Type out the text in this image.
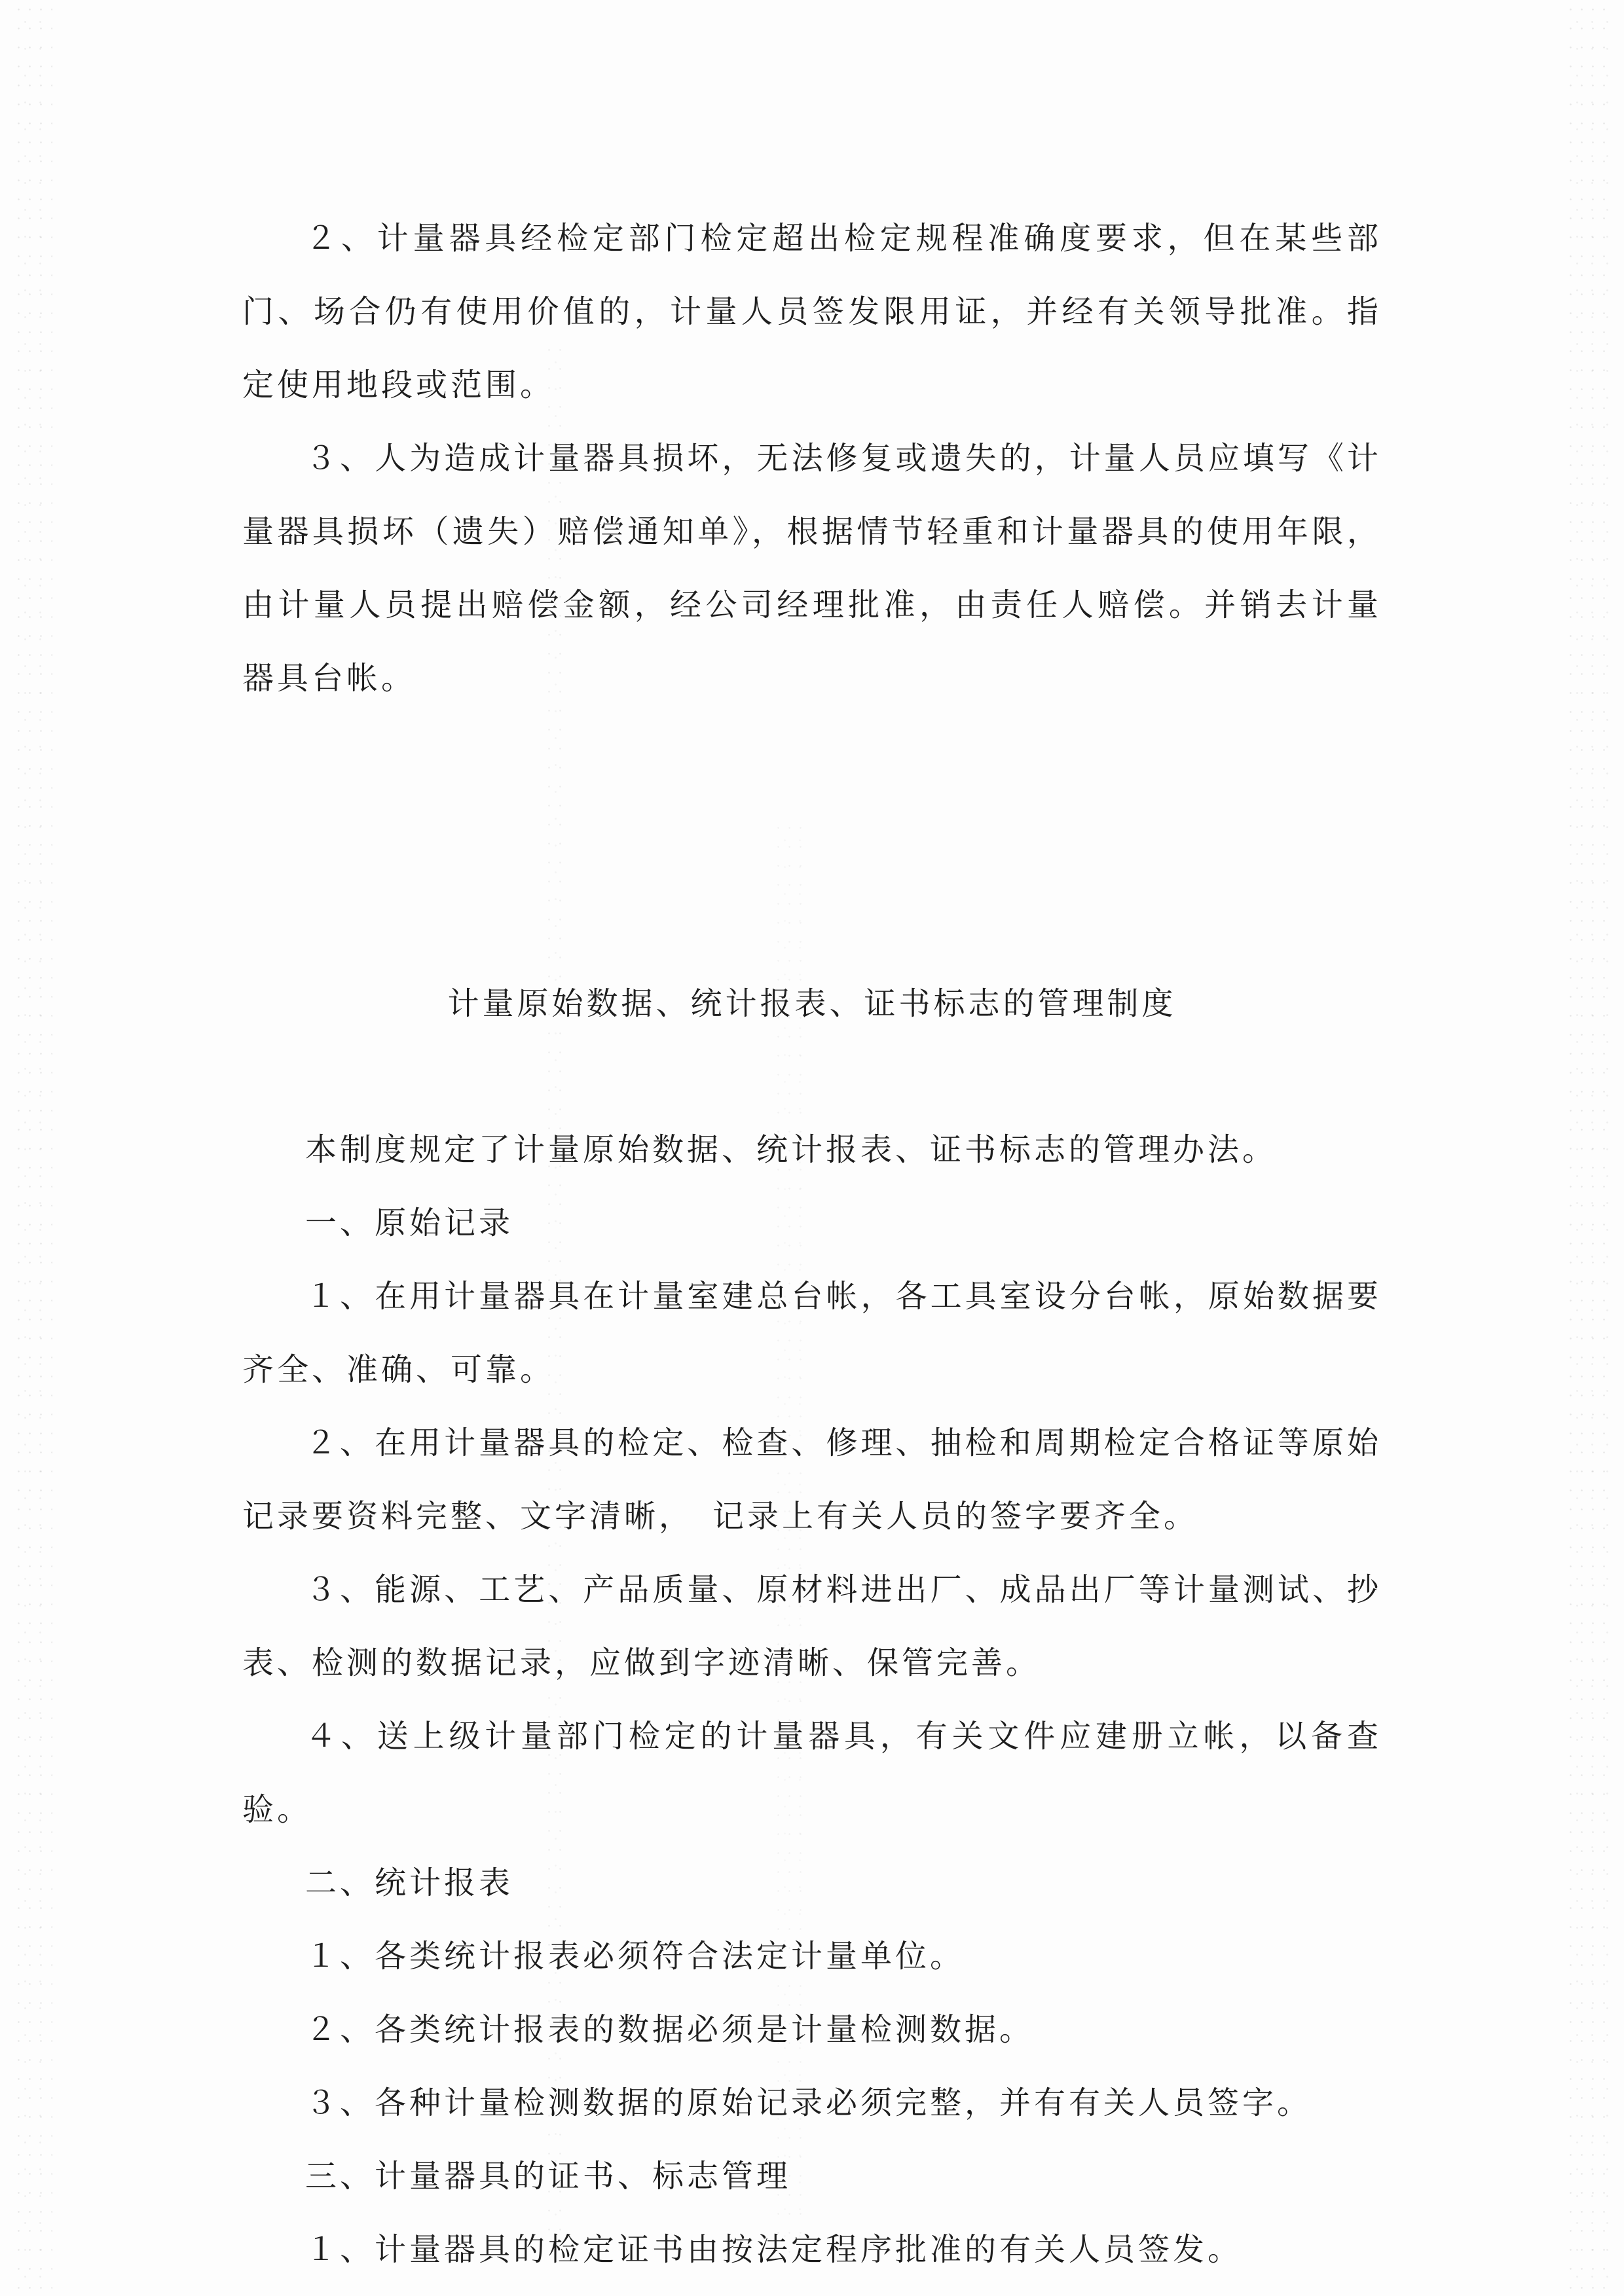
２、计量器具经检定部门检定超出检定规程准确度要求，但在某些部门、场合仍有使用价值的，计量人员签发限用证，并经有关领导批准。指定使用地段或范围。

３、人为造成计量器具损坏，无法修复或遗失的，计量人员应填写《计量器具损坏（遗失）赔偿通知单》，根据情节轻重和计量器具的使用年限，由计量人员提出赔偿金额，经公司经理批准，由责任人赔偿。并销去计量器具台帐。

计量原始数据、统计报表、证书标志的管理制度

本制度规定了计量原始数据、统计报表、证书标志的管理办法。

一、原始记录

１、在用计量器具在计量室建总台帐，各工具室设分台帐，原始数据要齐全、准确、可靠。

２、在用计量器具的检定、检查、修理、抽检和周期检定合格证等原始记录要资料完整、文字清晰，　记录上有关人员的签字要齐全。

３、能源、工艺、产品质量、原材料进出厂、成品出厂等计量测试、抄表、检测的数据记录，应做到字迹清晰、保管完善。

４、送上级计量部门检定的计量器具，有关文件应建册立帐，以备查验。

二、统计报表

１、各类统计报表必须符合法定计量单位。

２、各类统计报表的数据必须是计量检测数据。

３、各种计量检测数据的原始记录必须完整，并有有关人员签字。

三、计量器具的证书、标志管理

１、计量器具的检定证书由按法定程序批准的有关人员签发。
